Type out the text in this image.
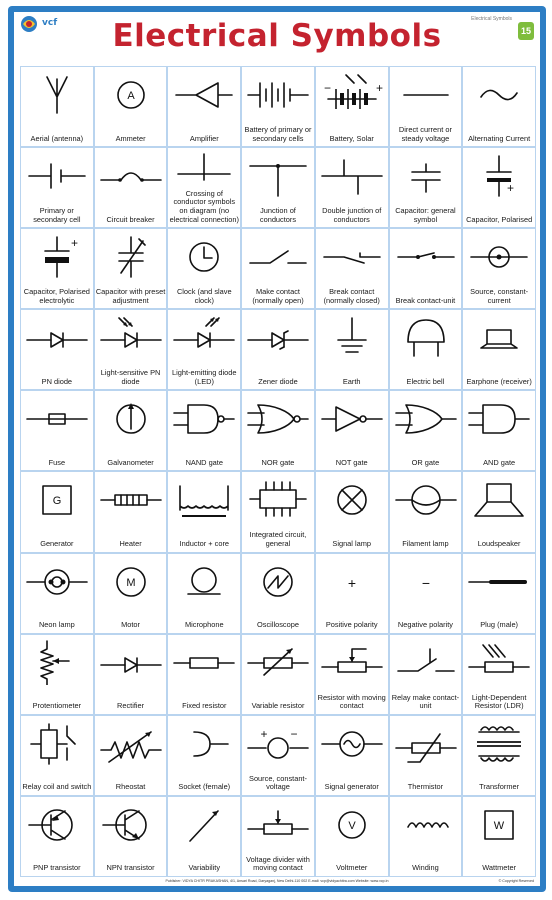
vcf	Electrical Symbols	Electrical Symbols
15
Aerial (antenna)
A
Ammeter	Amplifier
Battery of primary or secondary cells
−	+
Battery, Solar
Direct current or steady voltage	Alternating Current
Primary or secondary cell	Circuit breaker
Crossing of conductor symbols on diagram (no electrical connection)
Junction of conductors
Double junction of conductors
Capacitor: general symbol
+
Capacitor, Polarised
+
Capacitor, Polarised electrolytic
Capacitor with preset adjustment
Clock (and slave clock)
Make contact (normally open)
Break contact (normally closed)	Break contact-unit
Source, constant-current
PN diode
Light-sensitive PN diode
Light-emitting diode (LED)	Zener diode	Earth	Electric bell	Earphone (receiver)
Fuse	Galvanometer	NAND gate	NOR gate	NOT gate	OR gate	AND gate
G
Generator	Heater	Inductor + core
Integrated circuit, general	Signal lamp	Filament lamp	Loudspeaker
Neon lamp
M
Motor	Microphone	Oscilloscope
+
Positive polarity
−
Negative polarity	Plug (male)
Protentiometer	Rectifier	Fixed resistor	Variable resistor
Resistor with moving contact
Relay make contact-unit
Light-Dependent Resistor (LDR)
Relay coil and switch	Rheostat	Socket (female)
+ −
Source, constant-voltage	Signal generator	Thermistor	Transformer
PNP transistor	NPN transistor	Variability
Voltage divider with moving contact
V
Voltmeter	Winding
W
Wattmeter
Publisher: VIDYA CHITR PRAKASHAN, 4/1, Ansari Road, Daryaganj, New Delhi-110 002 E-mail: vcp@vidyachitra.com Website: www.vcp.in	© Copyright Reserved
